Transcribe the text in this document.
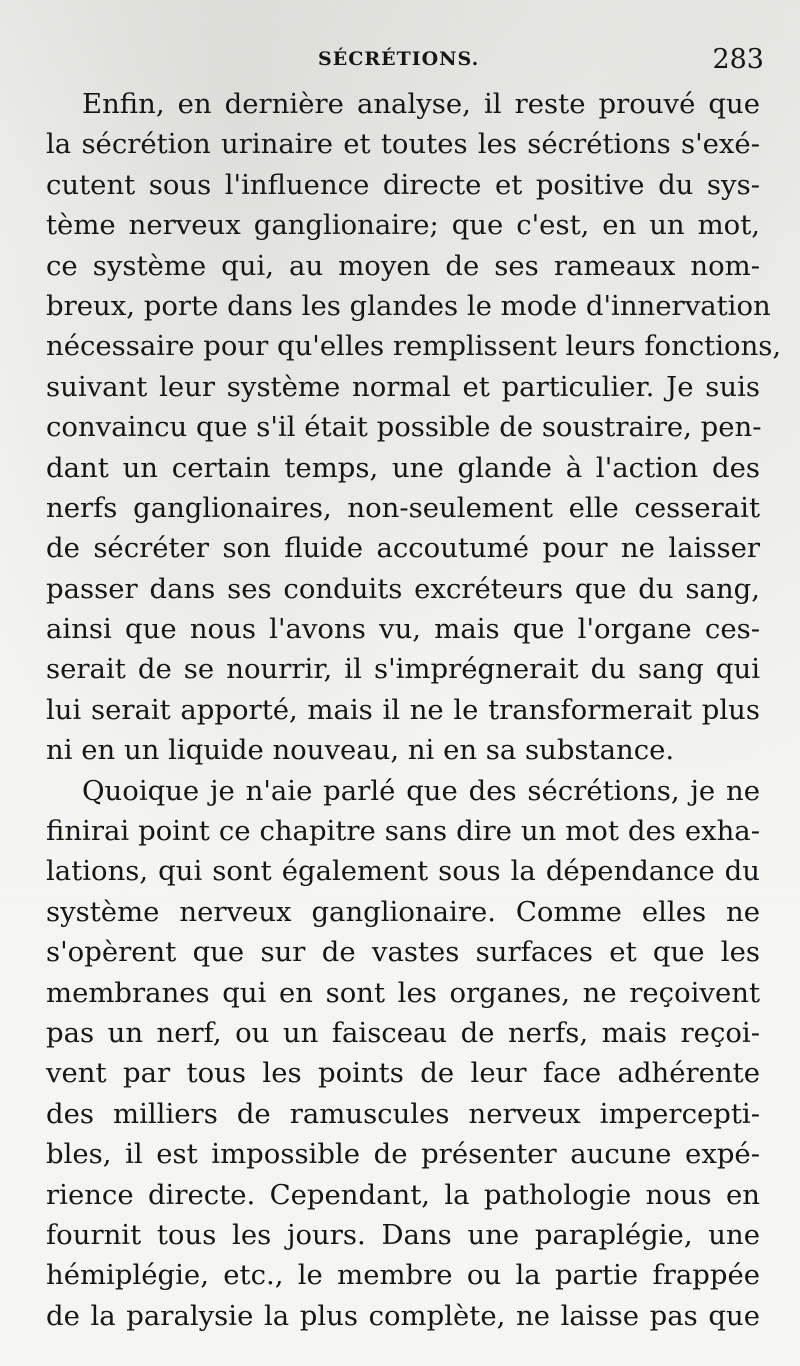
SÉCRÉTIONS.	283
Enfin, en dernière analyse, il reste prouvé que
la sécrétion urinaire et toutes les sécrétions s'exé-
cutent sous l'influence directe et positive du sys-
tème nerveux ganglionaire; que c'est, en un mot,
ce système qui, au moyen de ses rameaux nom-
breux, porte dans les glandes le mode d'innervation
nécessaire pour qu'elles remplissent leurs fonctions,
suivant leur système normal et particulier. Je suis
convaincu que s'il était possible de soustraire, pen-
dant un certain temps, une glande à l'action des
nerfs ganglionaires, non-seulement elle cesserait
de sécréter son fluide accoutumé pour ne laisser
passer dans ses conduits excréteurs que du sang,
ainsi que nous l'avons vu, mais que l'organe ces-
serait de se nourrir, il s'imprégnerait du sang qui
lui serait apporté, mais il ne le transformerait plus
ni en un liquide nouveau, ni en sa substance.
Quoique je n'aie parlé que des sécrétions, je ne
finirai point ce chapitre sans dire un mot des exha-
lations, qui sont également sous la dépendance du
système nerveux ganglionaire. Comme elles ne
s'opèrent que sur de vastes surfaces et que les
membranes qui en sont les organes, ne reçoivent
pas un nerf, ou un faisceau de nerfs, mais reçoi-
vent par tous les points de leur face adhérente
des milliers de ramuscules nerveux impercepti-
bles, il est impossible de présenter aucune expé-
rience directe. Cependant, la pathologie nous en
fournit tous les jours. Dans une paraplégie, une
hémiplégie, etc., le membre ou la partie frappée
de la paralysie la plus complète, ne laisse pas que
